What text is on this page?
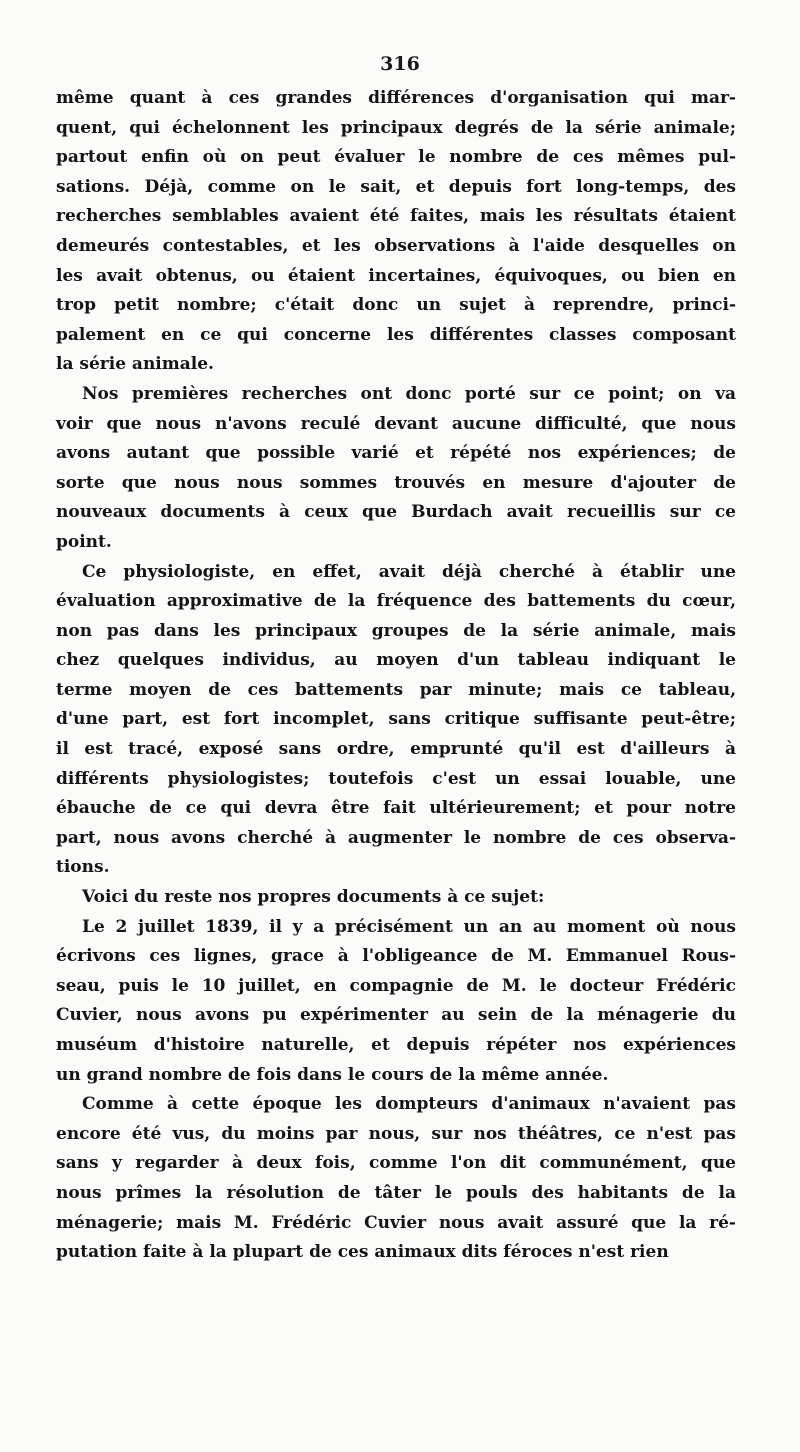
316

même quant à ces grandes différences d'organisation qui mar-
quent, qui échelonnent les principaux degrés de la série animale;
partout enfin où on peut évaluer le nombre de ces mêmes pul-
sations. Déjà, comme on le sait, et depuis fort long-temps, des
recherches semblables avaient été faites, mais les résultats étaient
demeurés contestables, et les observations à l'aide desquelles on
les avait obtenus, ou étaient incertaines, équivoques, ou bien en
trop petit nombre; c'était donc un sujet à reprendre, princi-
palement en ce qui concerne les différentes classes composant
la série animale.

Nos premières recherches ont donc porté sur ce point; on va
voir que nous n'avons reculé devant aucune difficulté, que nous
avons autant que possible varié et répété nos expériences; de
sorte que nous nous sommes trouvés en mesure d'ajouter de
nouveaux documents à ceux que Burdach avait recueillis sur ce
point.

Ce physiologiste, en effet, avait déjà cherché à établir une
évaluation approximative de la fréquence des battements du cœur,
non pas dans les principaux groupes de la série animale, mais
chez quelques individus, au moyen d'un tableau indiquant le
terme moyen de ces battements par minute; mais ce tableau,
d'une part, est fort incomplet, sans critique suffisante peut-être;
il est tracé, exposé sans ordre, emprunté qu'il est d'ailleurs à
différents physiologistes; toutefois c'est un essai louable, une
ébauche de ce qui devra être fait ultérieurement; et pour notre
part, nous avons cherché à augmenter le nombre de ces observa-
tions.

Voici du reste nos propres documents à ce sujet:

Le 2 juillet 1839, il y a précisément un an au moment où nous
écrivons ces lignes, grace à l'obligeance de M. Emmanuel Rous-
seau, puis le 10 juillet, en compagnie de M. le docteur Frédéric
Cuvier, nous avons pu expérimenter au sein de la ménagerie du
muséum d'histoire naturelle, et depuis répéter nos expériences
un grand nombre de fois dans le cours de la même année.

Comme à cette époque les dompteurs d'animaux n'avaient pas
encore été vus, du moins par nous, sur nos théâtres, ce n'est pas
sans y regarder à deux fois, comme l'on dit communément, que
nous prîmes la résolution de tâter le pouls des habitants de la
ménagerie; mais M. Frédéric Cuvier nous avait assuré que la ré-
putation faite à la plupart de ces animaux dits féroces n'est rien
